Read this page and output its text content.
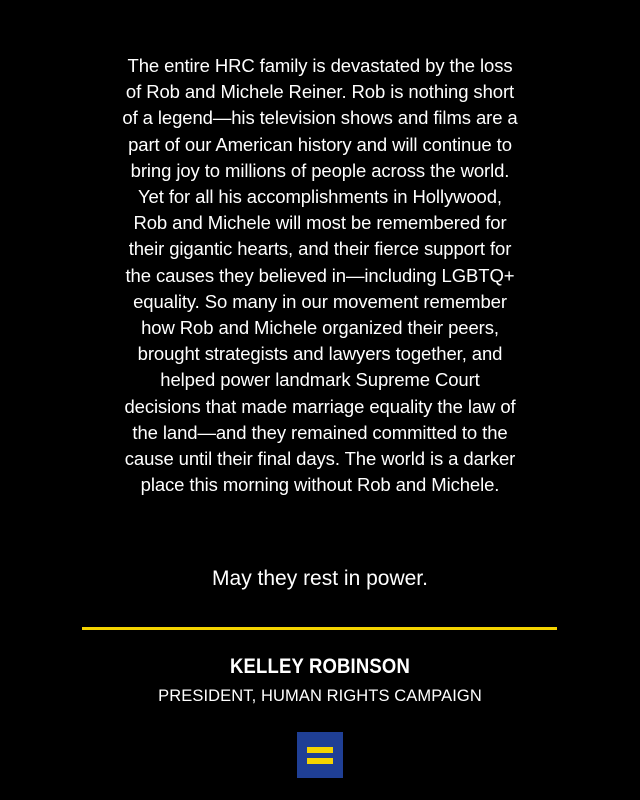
The entire HRC family is devastated by the loss
of Rob and Michele Reiner. Rob is nothing short
of a legend—his television shows and films are a
part of our American history and will continue to
bring joy to millions of people across the world.
Yet for all his accomplishments in Hollywood,
Rob and Michele will most be remembered for
their gigantic hearts, and their fierce support for
the causes they believed in—including LGBTQ+
equality. So many in our movement remember
how Rob and Michele organized their peers,
brought strategists and lawyers together, and
helped power landmark Supreme Court
decisions that made marriage equality the law of
the land—and they remained committed to the
cause until their final days. The world is a darker
place this morning without Rob and Michele.

May they rest in power.

KELLEY ROBINSON

PRESIDENT, HUMAN RIGHTS CAMPAIGN
